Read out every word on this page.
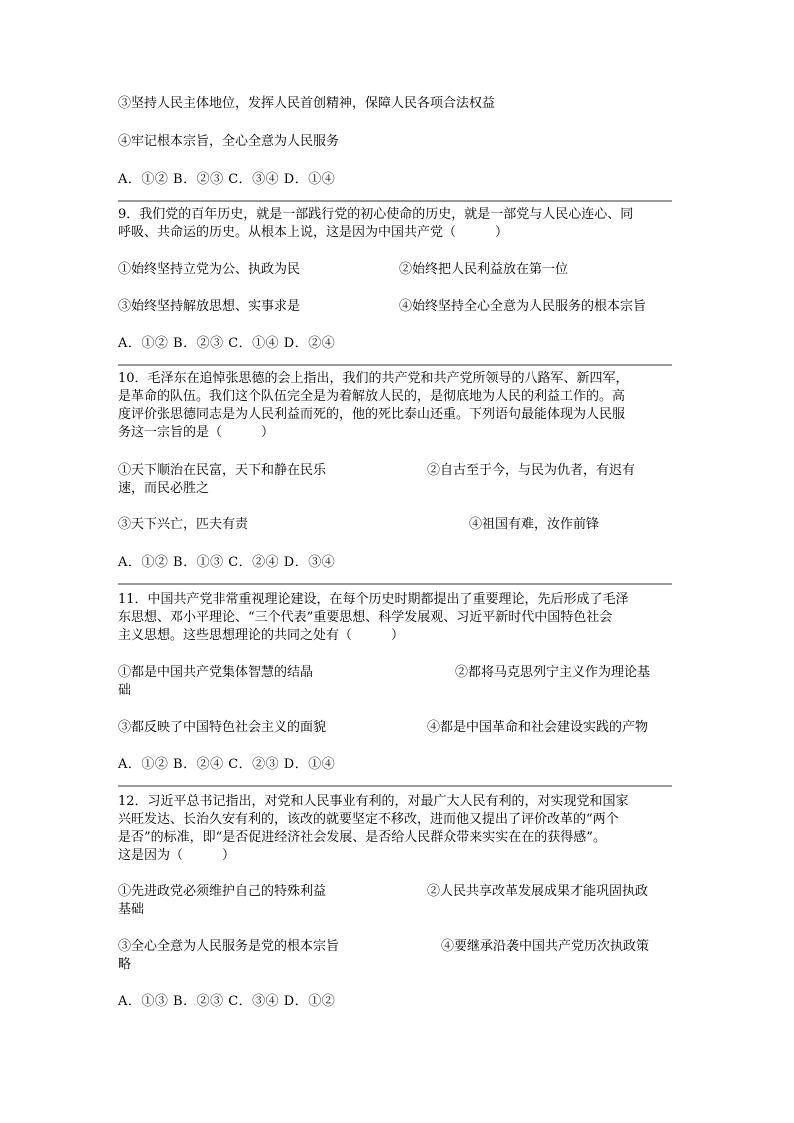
③坚持人民主体地位，发挥人民首创精神，保障人民各项合法权益
④牢记根本宗旨，全心全意为人民服务
A．①② B．②③ C．③④ D．①④
9．我们党的百年历史，就是一部践行党的初心使命的历史，就是一部党与人民心连心、同
呼吸、共命运的历史。从根本上说，这是因为中国共产党（　　　）
①始终坚持立党为公、执政为民	②始终把人民利益放在第一位
③始终坚持解放思想、实事求是	④始终坚持全心全意为人民服务的根本宗旨
A．①② B．②③ C．①④ D．②④
10．毛泽东在追悼张思德的会上指出，我们的共产党和共产党所领导的八路军、新四军，
是革命的队伍。我们这个队伍完全是为着解放人民的，是彻底地为人民的利益工作的。高
度评价张思德同志是为人民利益而死的，他的死比泰山还重。下列语句最能体现为人民服
务这一宗旨的是（　　　）
①天下顺治在民富，天下和静在民乐	②自古至于今，与民为仇者，有迟有
速，而民必胜之
③天下兴亡，匹夫有责	④祖国有难，汝作前锋
A．①② B．①③ C．②④ D．③④
11．中国共产党非常重视理论建设，在每个历史时期都提出了重要理论，先后形成了毛泽
东思想、邓小平理论、“三个代表”重要思想、科学发展观、习近平新时代中国特色社会
主义思想。这些思想理论的共同之处有（　　　）
①都是中国共产党集体智慧的结晶	②都将马克思列宁主义作为理论基
础
③都反映了中国特色社会主义的面貌	④都是中国革命和社会建设实践的产物
A．①② B．②④ C．②③ D．①④
12．习近平总书记指出，对党和人民事业有利的，对最广大人民有利的，对实现党和国家
兴旺发达、长治久安有利的，该改的就要坚定不移改，进而他又提出了评价改革的“两个
是否”的标准，即“是否促进经济社会发展、是否给人民群众带来实实在在的获得感”。
这是因为（　　　）
①先进政党必须维护自己的特殊利益	②人民共享改革发展成果才能巩固执政
基础
③全心全意为人民服务是党的根本宗旨	④要继承沿袭中国共产党历次执政策
略
A．①③ B．②③ C．③④ D．①②
